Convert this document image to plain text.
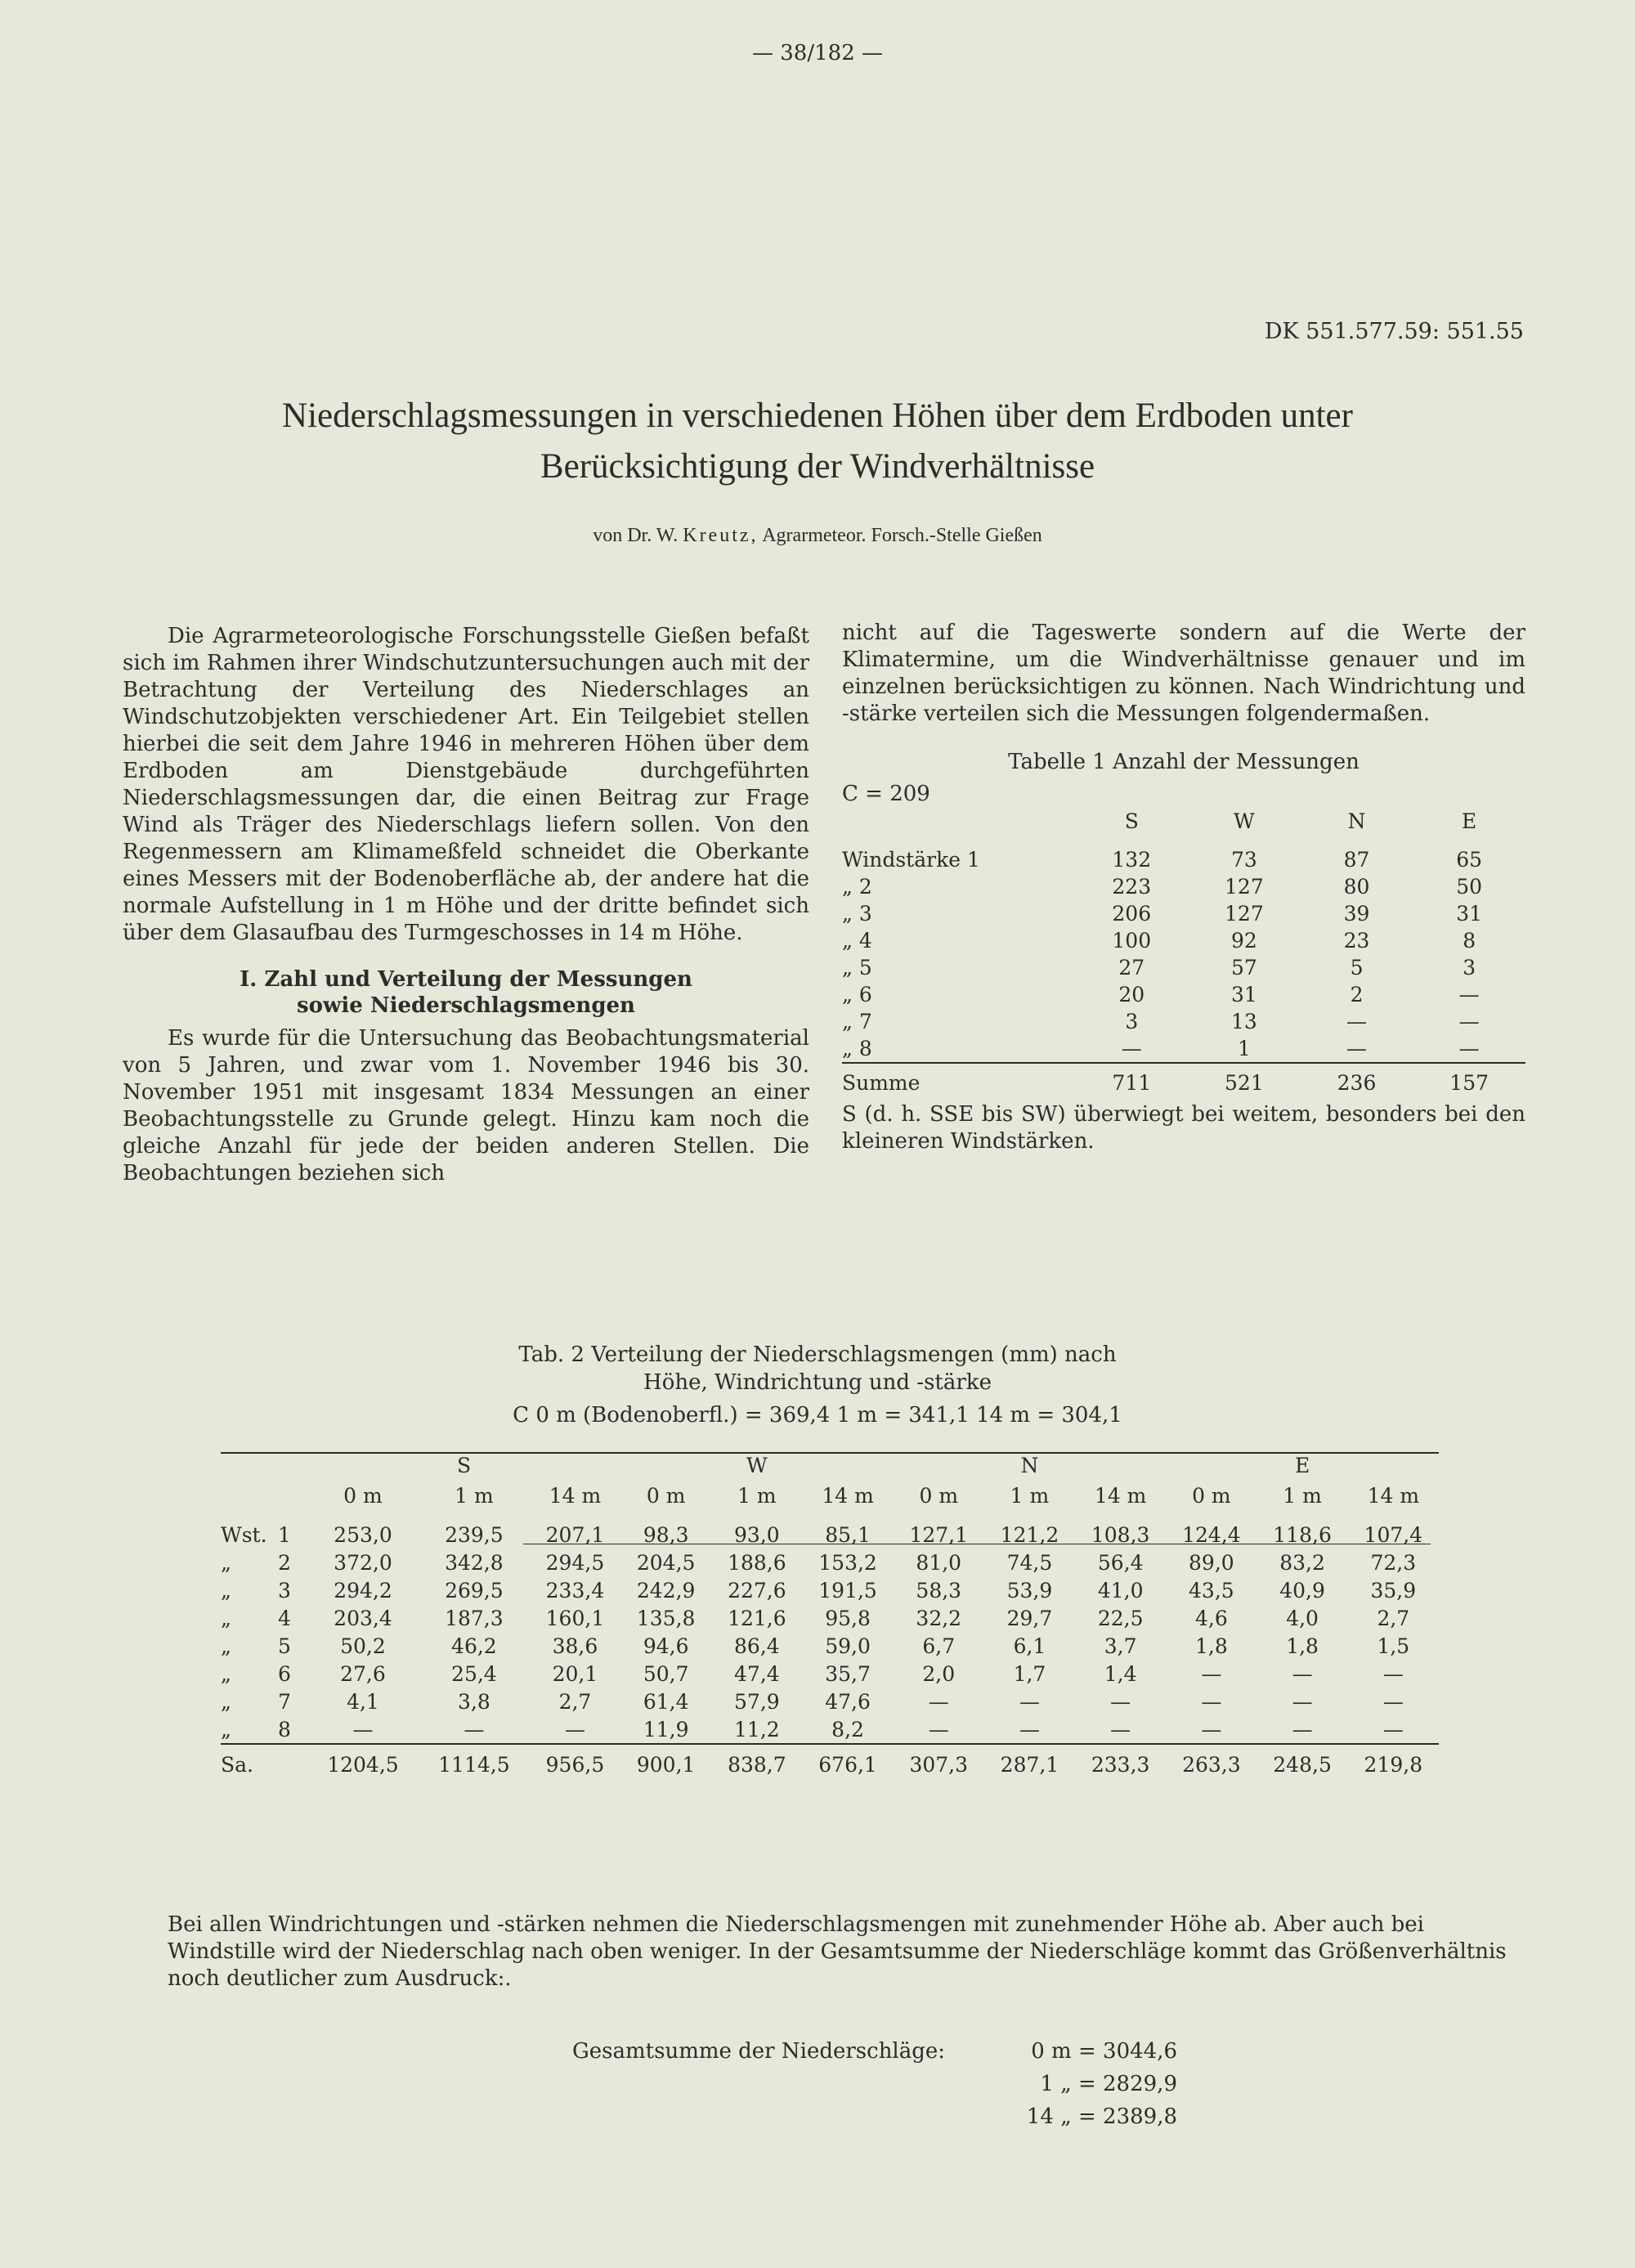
— 38/182 —
DK 551.577.59: 551.55
Niederschlagsmessungen in verschiedenen Höhen über dem Erdboden unter
Berücksichtigung der Windverhältnisse
von Dr. W. Kreutz, Agrarmeteor. Forsch.-Stelle Gießen

Die Agrarmeteorologische Forschungsstelle Gießen befaßt sich im Rahmen ihrer Windschutzuntersuchungen auch mit der Betrachtung der Verteilung des Niederschlages an Windschutzobjekten verschiedener Art. Ein Teilgebiet stellen hierbei die seit dem Jahre 1946 in mehreren Höhen über dem Erdboden am Dienstgebäude durchgeführten Niederschlagsmessungen dar, die einen Beitrag zur Frage Wind als Träger des Niederschlags liefern sollen. Von den Regenmessern am Klimameßfeld schneidet die Oberkante eines Messers mit der Bodenoberfläche ab, der andere hat die normale Aufstellung in 1 m Höhe und der dritte befindet sich über dem Glasaufbau des Turmgeschosses in 14 m Höhe.

I. Zahl und Verteilung der Messungen
sowie Niederschlagsmengen

Es wurde für die Untersuchung das Beobachtungsmaterial von 5 Jahren, und zwar vom 1. November 1946 bis 30. November 1951 mit insgesamt 1834 Messungen an einer Beobachtungsstelle zu Grunde gelegt. Hinzu kam noch die gleiche Anzahl für jede der beiden anderen Stellen. Die Beobachtungen beziehen sich

nicht auf die Tageswerte sondern auf die Werte der Klimatermine, um die Windverhältnisse genauer und im einzelnen berücksichtigen zu können. Nach Windrichtung und -stärke verteilen sich die Messungen folgendermaßen.

Tabelle 1 Anzahl der Messungen
C = 209
	S	W	N	E

Windstärke 1	132	73	87	65
„ 2	223	127	80	50
„ 3	206	127	39	31
„ 4	100	92	23	8
„ 5	27	57	5	3
„ 6	20	31	2	—
„ 7	3	13	—	—
„ 8	—	1	—	—
Summe	711	521	236	157

S (d. h. SSE bis SW) überwiegt bei weitem, besonders bei den kleineren Windstärken.

Tab. 2 Verteilung der Niederschlagsmengen (mm) nach
Höhe, Windrichtung und -stärke
C 0 m (Bodenoberfl.) = 369,4 1 m = 341,1 14 m = 304,1
		S			W			N			E		
		0 m	1 m	14 m	0 m	1 m	14 m	0 m	1 m	14 m	0 m	1 m	14 m
Wst.	1	253,0	239,5	207,1	98,3	93,0	85,1	127,1	121,2	108,3	124,4	118,6	107,4
„	2	372,0	342,8	294,5	204,5	188,6	153,2	81,0	74,5	56,4	89,0	83,2	72,3
„	3	294,2	269,5	233,4	242,9	227,6	191,5	58,3	53,9	41,0	43,5	40,9	35,9
„	4	203,4	187,3	160,1	135,8	121,6	95,8	32,2	29,7	22,5	4,6	4,0	2,7
„	5	50,2	46,2	38,6	94,6	86,4	59,0	6,7	6,1	3,7	1,8	1,8	1,5
„	6	27,6	25,4	20,1	50,7	47,4	35,7	2,0	1,7	1,4	—	—	—
„	7	4,1	3,8	2,7	61,4	57,9	47,6	—	—	—	—	—	—
„	8	—	—	—	11,9	11,2	8,2	—	—	—	—	—	—
Sa.		1204,5	1114,5	956,5	900,1	838,7	676,1	307,3	287,1	233,3	263,3	248,5	219,8
Bei allen Windrichtungen und -stärken nehmen die Niederschlagsmengen mit zunehmender Höhe ab. Aber auch bei Windstille wird der Niederschlag nach oben weniger. In der Gesamtsumme der Niederschläge kommt das Größenverhältnis noch deutlicher zum Ausdruck:.
Gesamtsumme der Niederschläge:	0 m = 3044,6
1 „ = 2829,9
14 „ = 2389,8
